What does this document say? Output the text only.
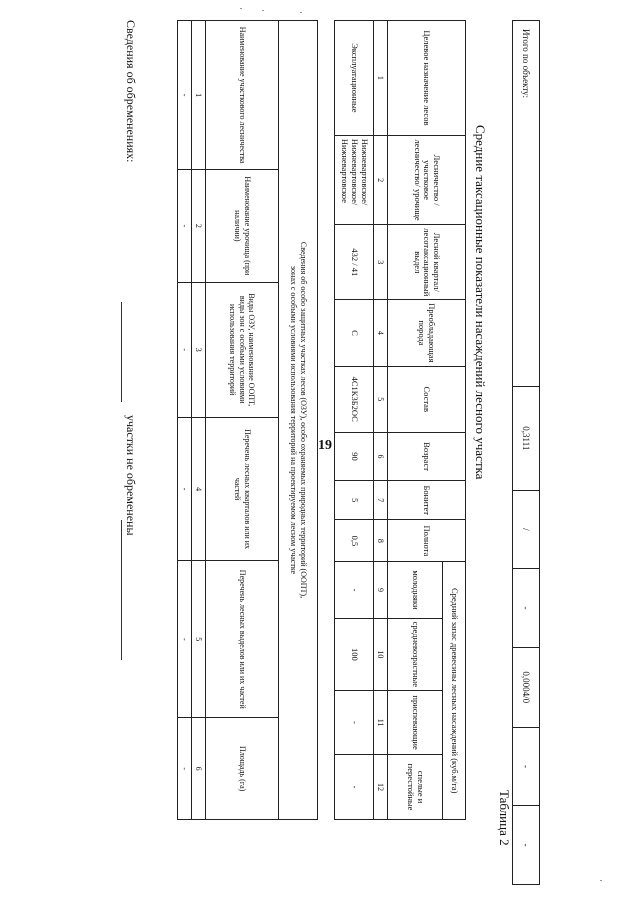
19
Итого по объекту:	0,3111	/	-	0,0004/0	-	-
Средние таксационные показатели насаждений лесного участка
Таблица 2
Целевое назначение лесов	Лесничество /участковое лесничество/ урочище	Лесной квартал/ лесотаксационный выдел	Преобладающая порода	Состав	Возраст	Бонитет	Полнота	Средний запас древесины лесных насаждений (куб.м/га)			
								молодняки	средневозрастные	приспевающие	спелые и перестойные
1	2	3	4	5	6	7	8	9	10	11	12
Эксплуатационные	Нижневартовское/ Нижневартовское/ Нижневартовское	432 / 41	С	4С1К3Б2ОС	90	5	0,5	-	100	-	-
Сведения об особо защитных участках лесов (ОЗУ), особо охраняемых природных территорий (ООПТ),
зонах с особыми условиями использования территорий на проектируемом лесном участке					

Наименование участкового лесничества	Наименование урочища (при наличии)	Виды ОЗУ, наименование ООПТ, виды зон с особыми условиями использования территорий	Перечень лесных кварталов или их частей	Перечень лесных выделов или их частей	Площадь (га)
1	2	3	4	5	6
-	-	-	-	-	-
Сведения об обременениях:
участки не обременены
